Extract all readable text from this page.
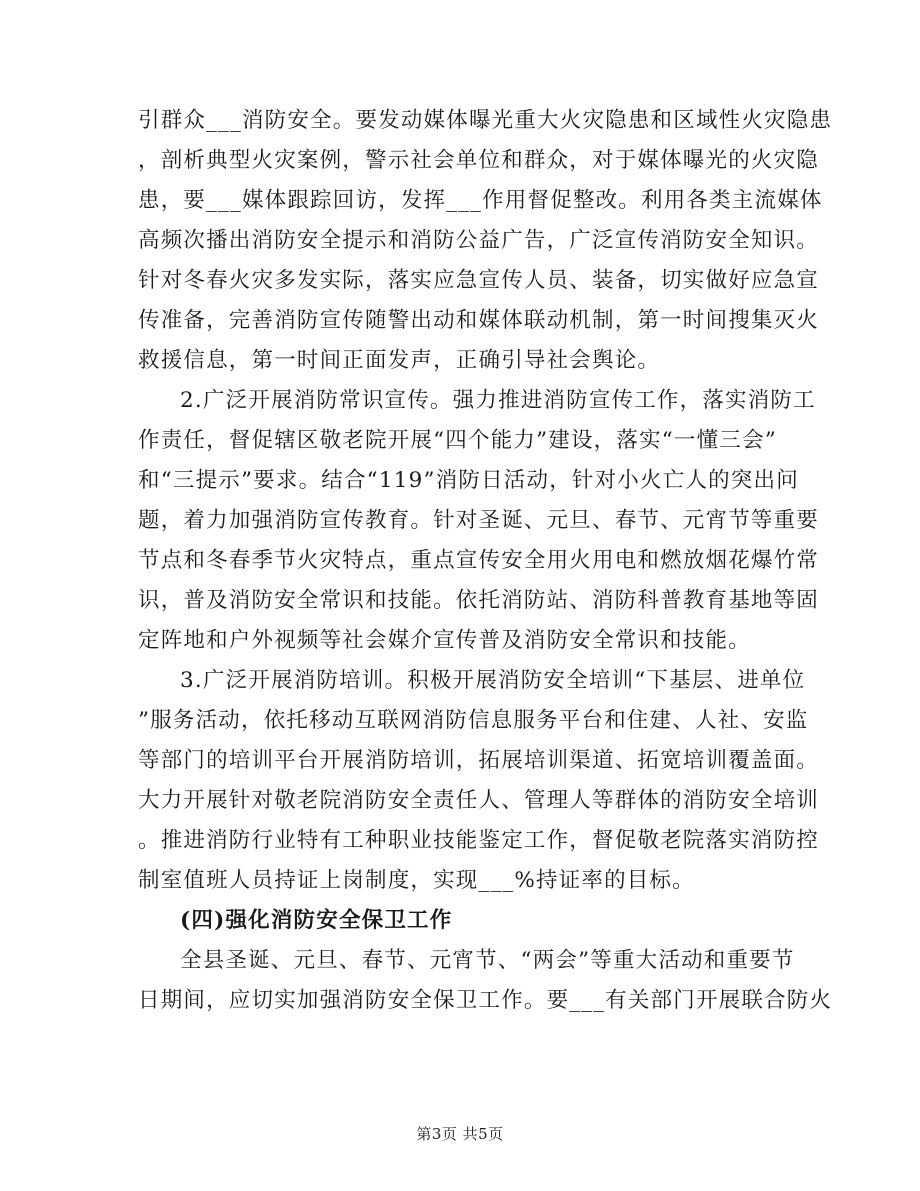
引群众___消防安全。要发动媒体曝光重大火灾隐患和区域性火灾隐患
，剖析典型火灾案例，警示社会单位和群众，对于媒体曝光的火灾隐
患，要___媒体跟踪回访，发挥___作用督促整改。利用各类主流媒体
高频次播出消防安全提示和消防公益广告，广泛宣传消防安全知识。
针对冬春火灾多发实际，落实应急宣传人员、装备，切实做好应急宣
传准备，完善消防宣传随警出动和媒体联动机制，第一时间搜集灭火
救援信息，第一时间正面发声，正确引导社会舆论。
2.广泛开展消防常识宣传。强力推进消防宣传工作，落实消防工
作责任，督促辖区敬老院开展“四个能力”建设，落实“一懂三会”
和“三提示”要求。结合“119”消防日活动，针对小火亡人的突出问
题，着力加强消防宣传教育。针对圣诞、元旦、春节、元宵节等重要
节点和冬春季节火灾特点，重点宣传安全用火用电和燃放烟花爆竹常
识，普及消防安全常识和技能。依托消防站、消防科普教育基地等固
定阵地和户外视频等社会媒介宣传普及消防安全常识和技能。
3.广泛开展消防培训。积极开展消防安全培训“下基层、进单位
”服务活动，依托移动互联网消防信息服务平台和住建、人社、安监
等部门的培训平台开展消防培训，拓展培训渠道、拓宽培训覆盖面。
大力开展针对敬老院消防安全责任人、管理人等群体的消防安全培训
。推进消防行业特有工种职业技能鉴定工作，督促敬老院落实消防控
制室值班人员持证上岗制度，实现___%持证率的目标。
(四)强化消防安全保卫工作
全县圣诞、元旦、春节、元宵节、“两会”等重大活动和重要节
日期间，应切实加强消防安全保卫工作。要___有关部门开展联合防火
第3页 共5页
